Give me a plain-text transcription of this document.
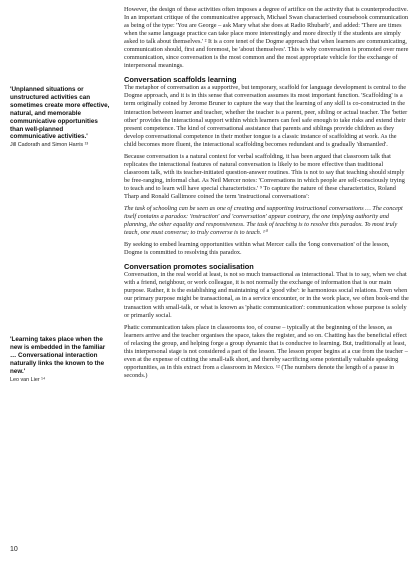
'Unplanned situations or unstructured activities can sometimes create more effective, natural, and memorable communicative opportunities than well-planned communicative activities.'
Jill Cadorath and Simon Harris ¹³
'Learning takes place when the new is embedded in the familiar … Conversational interaction naturally links the known to the new.'
Leo van Lier ¹⁴

However, the design of these activities often imposes a degree of artifice on the activity that is counterproductive. In an important critique of the communicative approach, Michael Swan characterised coursebook communication as being of the type: 'You are George – ask Mary what she does at Radio Rhubarb', and added: 'There are times when the same language practice can take place more interestingly and more directly if the students are simply asked to talk about themselves.' ² It is a core tenet of the Dogme approach that when learners are communicating, communication should, first and foremost, be 'about themselves'. This is why conversation is promoted over mere communication, since conversation is the most common and the most appropriate vehicle for the exchange of interpersonal meanings.

Conversation scaffolds learning

The metaphor of conversation as a supportive, but temporary, scaffold for language development is central to the Dogme approach, and it is in this sense that conversation assumes its most important function. 'Scaffolding' is a term originally coined by Jerome Bruner to capture the way that the learning of any skill is co-constructed in the interaction between learner and teacher, whether the teacher is a parent, peer, sibling or actual teacher. The 'better other' provides the interactional support within which learners can feel safe enough to take risks and extend their present competence. The kind of conversational assistance that parents and siblings provide children as they develop conversational competence in their mother tongue is a classic instance of scaffolding at work. As the child becomes more fluent, the interactional scaffolding becomes redundant and is gradually 'dismantled'.

Because conversation is a natural context for verbal scaffolding, it has been argued that classroom talk that replicates the interactional features of natural conversation is likely to be more effective than traditional classroom talk, with its teacher-initiated question-answer routines. This is not to say that teaching should simply be free-ranging, informal chat. As Neil Mercer notes: 'Conversations in which people are self-consciously trying to teach and to learn will have special characteristics.' ⁹ To capture the nature of these characteristics, Roland Tharp and Ronald Gallimore coined the term 'instructional conversations':

The task of schooling can be seen as one of creating and supporting instructional conversations … The concept itself contains a paradox: 'instruction' and 'conversation' appear contrary, the one implying authority and planning, the other equality and responsiveness. The task of teaching is to resolve this paradox. To most truly teach, one must converse; to truly converse is to teach. ¹⁰

By seeking to embed learning opportunities within what Mercer calls the 'long conversation' of the lesson, Dogme is committed to resolving this paradox.

Conversation promotes socialisation

Conversation, in the real world at least, is not so much transactional as interactional. That is to say, when we chat with a friend, neighbour, or work colleague, it is not normally the exchange of information that is our main purpose. Rather, it is the establishing and maintaining of a 'good vibe': ie harmonious social relations. Even when our primary purpose might be transactional, as in a service encounter, or in the work place, we often book-end the transaction with small-talk, or what is known as 'phatic communication': communication whose purpose is solely or primarily social.

Phatic communication takes place in classrooms too, of course – typically at the beginning of the lesson, as learners arrive and the teacher organises the space, takes the register, and so on. Chatting has the beneficial effect of relaxing the group, and helping forge a group dynamic that is conducive to learning. But, traditionally at least, this interpersonal stage is not considered a part of the lesson. The lesson proper begins at a cue from the teacher – even at the expense of cutting the small-talk short, and thereby sacrificing some potentially valuable speaking opportunities, as in this extract from a classroom in Mexico. ¹² (The numbers denote the length of a pause in seconds.)

10
